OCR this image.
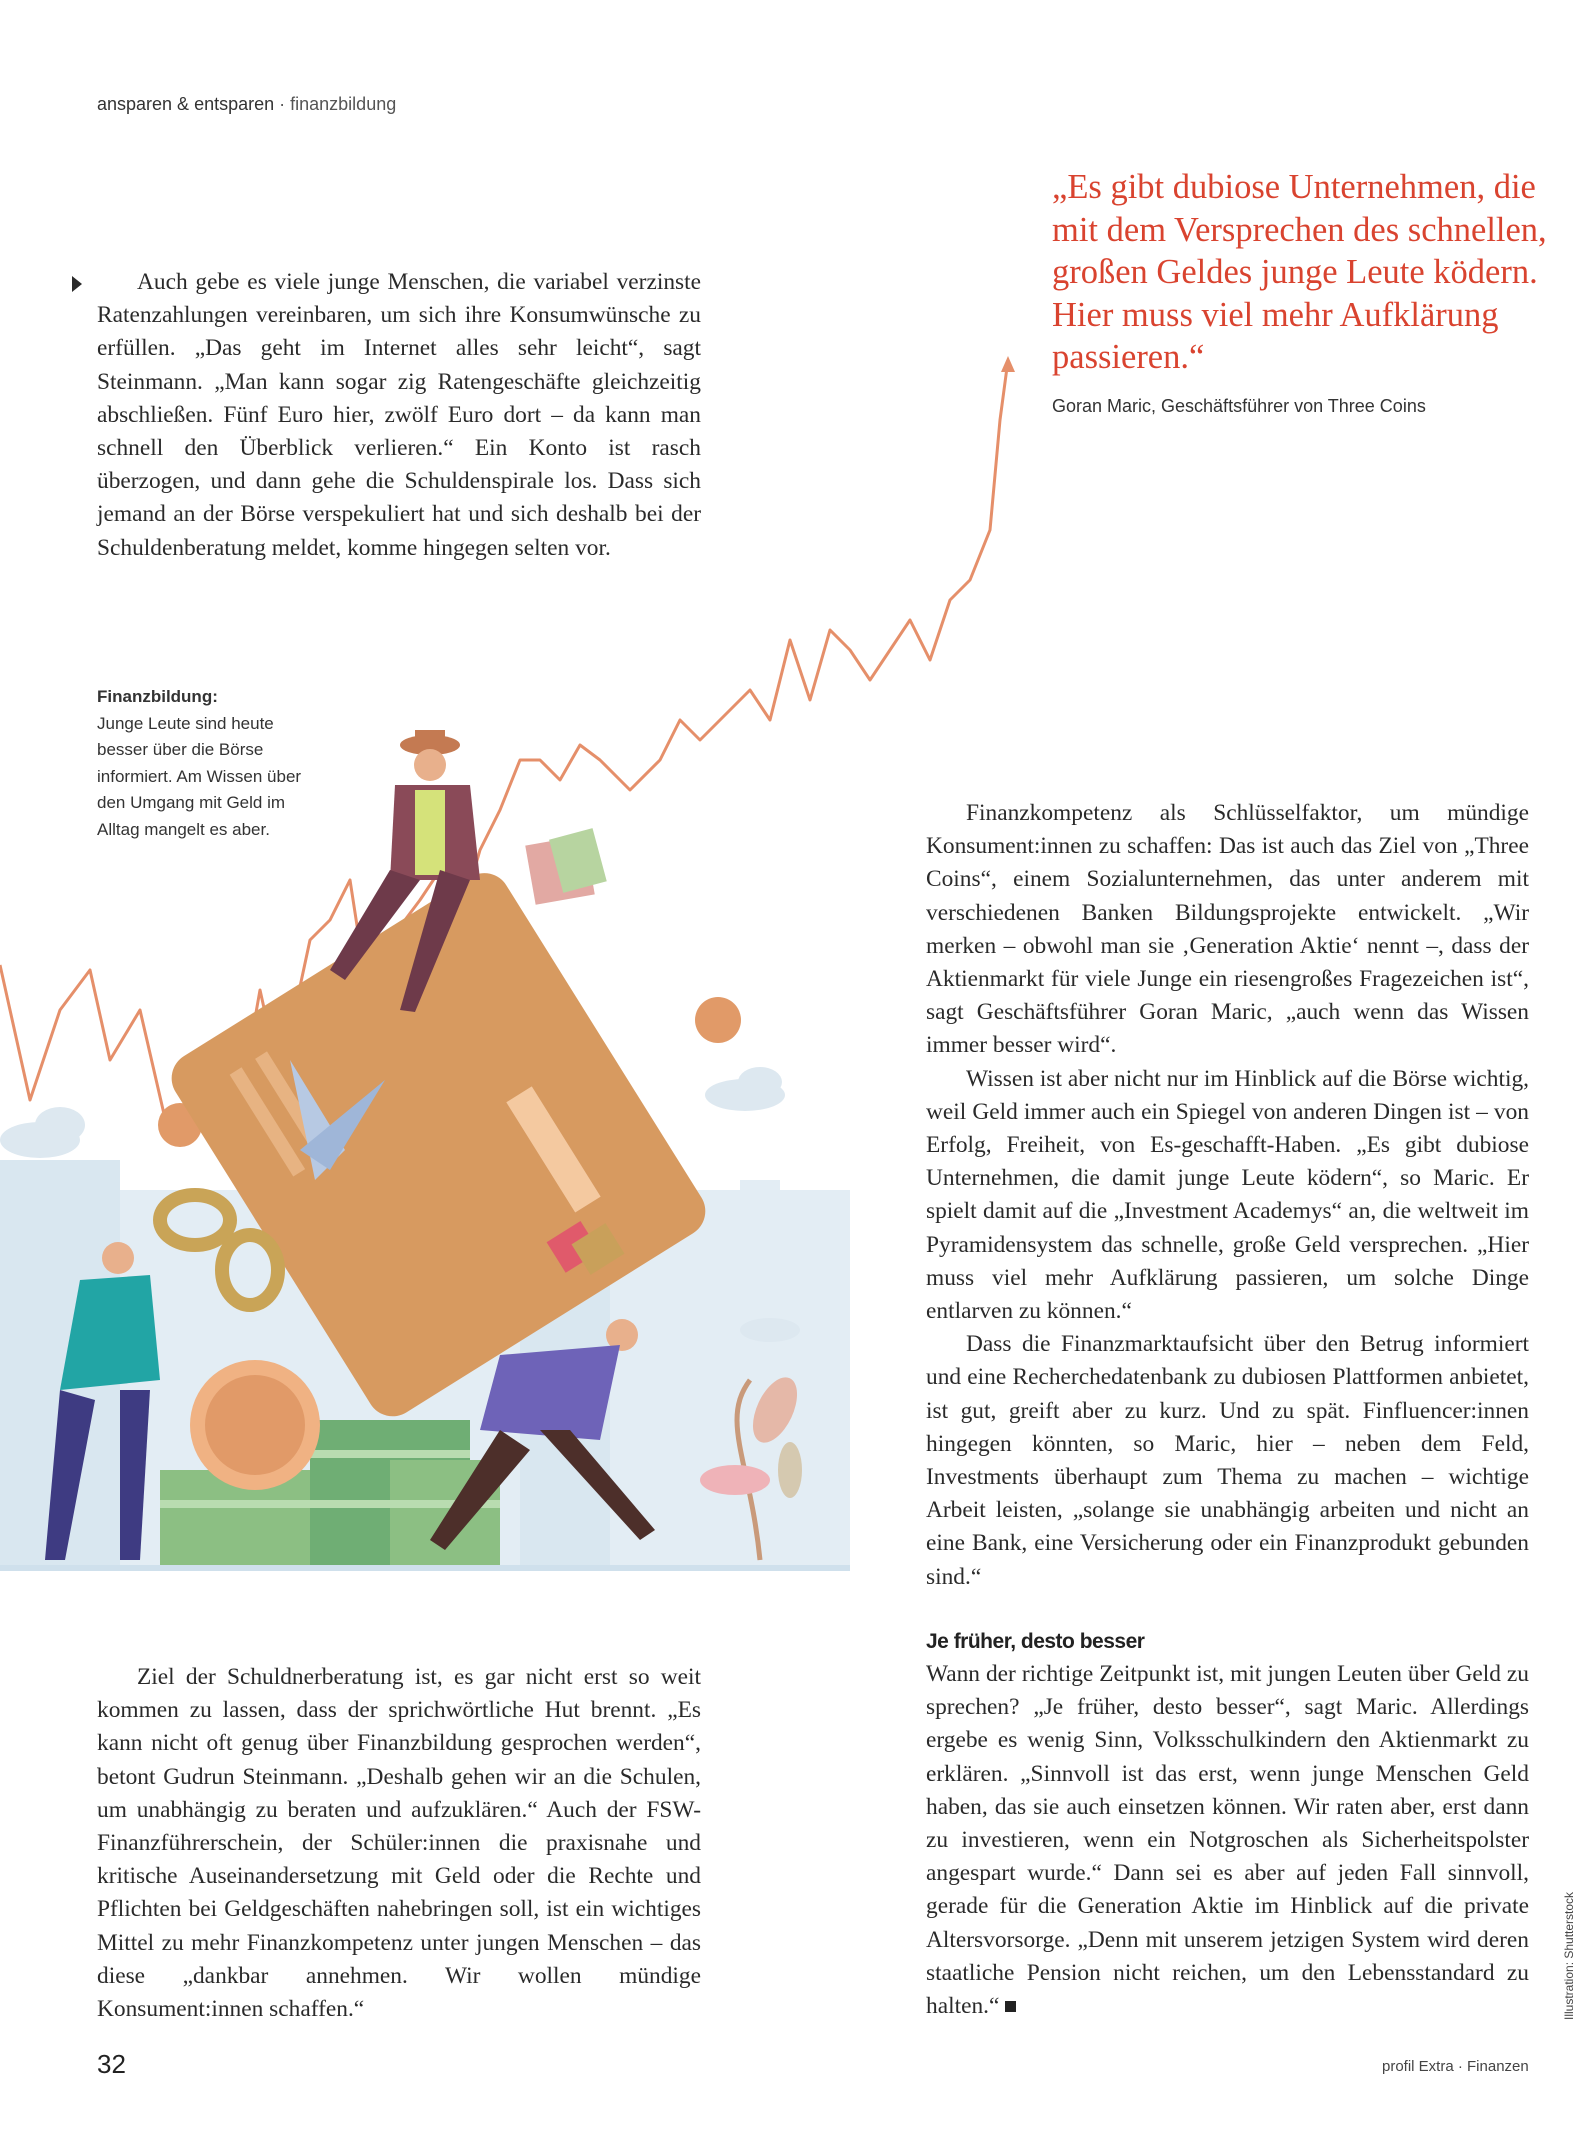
ansparen & entsparen · finanzbildung

Auch gebe es viele junge Menschen, die variabel verzinste Ratenzahlungen vereinbaren, um sich ihre Konsumwünsche zu erfüllen. „Das geht im Internet alles sehr leicht“, sagt Steinmann. „Man kann sogar zig Ratengeschäfte gleichzeitig abschließen. Fünf Euro hier, zwölf Euro dort – da kann man schnell den Überblick verlieren.“ Ein Konto ist rasch überzogen, und dann gehe die Schuldenspirale los. Dass sich jemand an der Börse verspekuliert hat und sich deshalb bei der Schuldenberatung meldet, komme hingegen selten vor.

„Es gibt dubiose Unternehmen, die mit dem Versprechen des schnellen, großen Geldes junge Leute ködern. Hier muss viel mehr Aufklärung passieren.“
Goran Maric, Geschäftsführer von Three Coins
Finanzbildung:
Junge Leute sind heute besser über die Börse informiert. Am Wissen über den Umgang mit Geld im Alltag mangelt es aber.

Finanzkompetenz als Schlüsselfaktor, um mündige Konsument:innen zu schaffen: Das ist auch das Ziel von „Three Coins“, einem Sozialunternehmen, das unter anderem mit verschiedenen Banken Bildungsprojekte entwickelt. „Wir merken – obwohl man sie ‚Generation Aktie‘ nennt –, dass der Aktienmarkt für viele Junge ein riesengroßes Fragezeichen ist“, sagt Geschäftsführer Goran Maric, „auch wenn das Wissen immer besser wird“.

Wissen ist aber nicht nur im Hinblick auf die Börse wichtig, weil Geld immer auch ein Spiegel von anderen Dingen ist – von Erfolg, Freiheit, von Es-geschafft-Haben. „Es gibt dubiose Unternehmen, die damit junge Leute ködern“, so Maric. Er spielt damit auf die „Investment Academys“ an, die weltweit im Pyramidensystem das schnelle, große Geld versprechen. „Hier muss viel mehr Aufklärung passieren, um solche Dinge entlarven zu können.“

Dass die Finanzmarktaufsicht über den Betrug informiert und eine Recherchedatenbank zu dubiosen Plattformen anbietet, ist gut, greift aber zu kurz. Und zu spät. Finfluencer:innen hingegen könnten, so Maric, hier – neben dem Feld, Investments überhaupt zum Thema zu machen – wichtige Arbeit leisten, „solange sie unabhängig arbeiten und nicht an eine Bank, eine Versicherung oder ein Finanzprodukt gebunden sind.“

Ziel der Schuldnerberatung ist, es gar nicht erst so weit kommen zu lassen, dass der sprichwörtliche Hut brennt. „Es kann nicht oft genug über Finanzbildung gesprochen werden“, betont Gudrun Steinmann. „Deshalb gehen wir an die Schulen, um unabhängig zu beraten und aufzuklären.“ Auch der FSW-Finanzführerschein, der Schüler:innen die praxisnahe und kritische Auseinandersetzung mit Geld oder die Rechte und Pflichten bei Geldgeschäften nahebringen soll, ist ein wichtiges Mittel zu mehr Finanzkompetenz unter jungen Menschen – das diese „dankbar annehmen. Wir wollen mündige Konsument:innen schaffen.“

Je früher, desto besser

Wann der richtige Zeitpunkt ist, mit jungen Leuten über Geld zu sprechen? „Je früher, desto besser“, sagt Maric. Allerdings ergebe es wenig Sinn, Volksschulkindern den Aktienmarkt zu erklären. „Sinnvoll ist das erst, wenn junge Menschen Geld haben, das sie auch einsetzen können. Wir raten aber, erst dann zu investieren, wenn ein Notgroschen als Sicherheitspolster angespart wurde.“ Dann sei es aber auf jeden Fall sinnvoll, gerade für die Generation Aktie im Hinblick auf die private Altersvorsorge. „Denn mit unserem jetzigen System wird deren staatliche Pension nicht reichen, um den Lebensstandard zu halten.“

32	profil Extra · Finanzen
Illustration: Shutterstock
